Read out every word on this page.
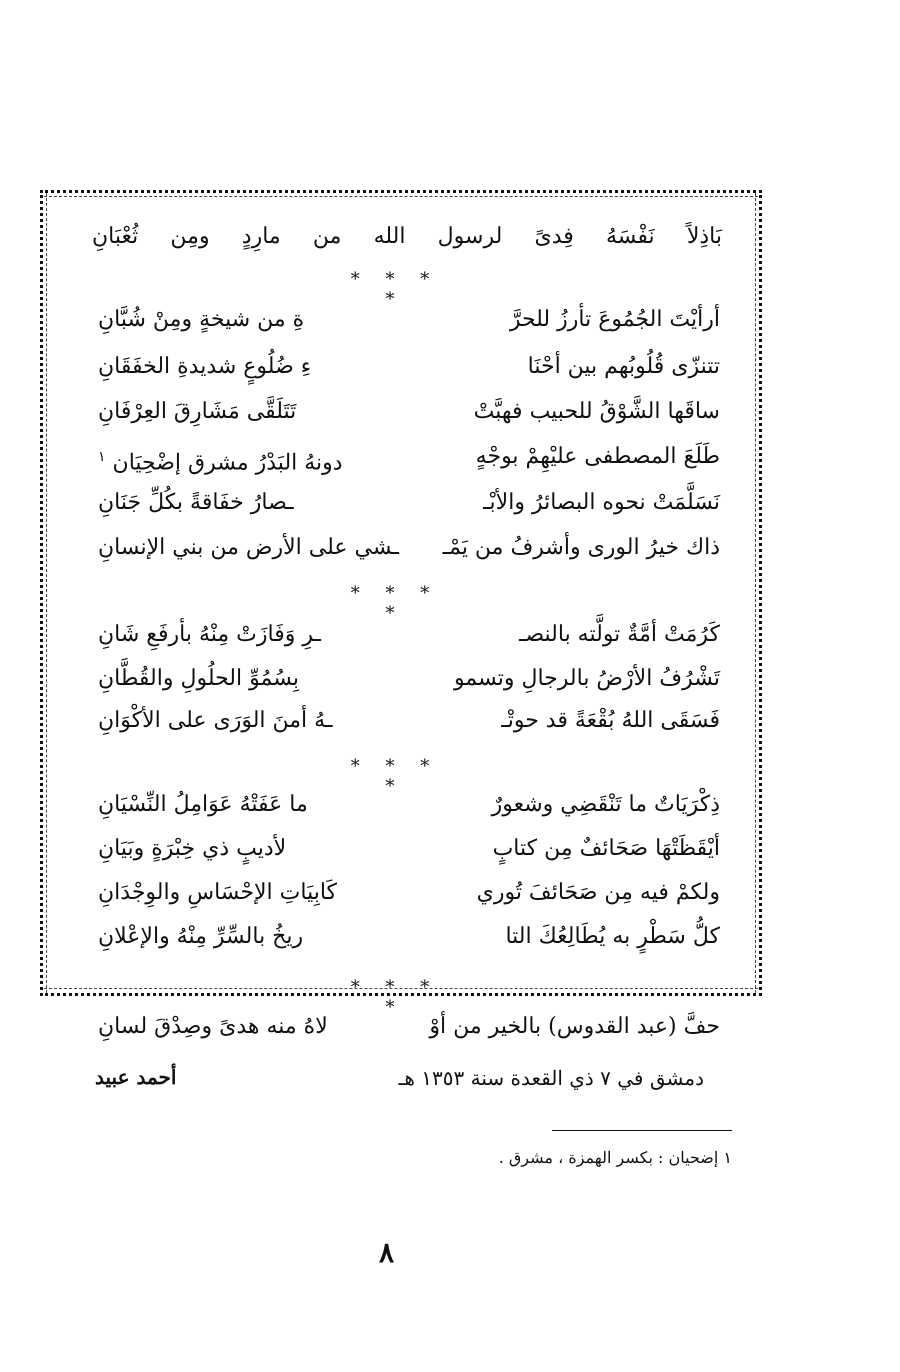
بَاذِلاً نَفْسَهُ فِدىً لرسول الله من مارِدٍ ومِن ثُعْبَانِ
* * * *
أرأيْتَ الجُمُوعَ تأرزُ للحرَّ
ةِ من شيخةٍ ومِنْ شُبَّانِ
تتنزّى قُلُوبُهم بين أحْنَا
ءِ ضُلُوعٍ شديدةِ الخفَقَانِ
ساقَها الشَّوْقُ للحبيب فهبَّتْ
تَتَلَقَّى مَشَارِقَ العِرْفَانِ
طَلَعَ المصطفى عليْهِمْ بوجْهٍ
دونهُ البَدْرُ مشرق إضْحِيَان $^١$
نَسَلَّمَتْ نحوه البصائرُ والأبْـ
ـصارُ خفَاقةً بكُلِّ جَنَانِ
ذاك خيرُ الورى وأشرفُ من يَمْـ
ـشي على الأرض من بني الإنسانِ
* * * *
كَرُمَتْ أمَّةٌ تولَّته بالنصـ
ـرِ وَفَازَتْ مِنْهُ بأرفَعِ شَانِ
تَشْرُفُ الأرْضُ بالرجالِ وتسمو
بِسُمُوِّ الحلُولِ والقُطَّانِ
فَسَقَى اللهُ بُقْعَةً قد حوتْـ
ـهُ أمنَ الوَرَى على الأكْوَانِ
* * * *
ذِكْرَيَاتٌ ما تَنْقَضِي وشعورٌ
ما عَفَتْهُ عَوَامِلُ النِّسْيَانِ
أيْقَظَتْهَا صَحَائفٌ مِن كتابٍ
لأديبٍ ذي خِبْرَةٍ وبَيَانِ
ولكمْ فيه مِن صَحَائفَ تُوري
كَابِيَاتِ الإحْسَاسِ والوِجْدَانِ
كلُّ سَطْرٍ به يُطَالِعُكَ التا
ريخُ بالسِّرِّ مِنْهُ والإعْلانِ
* * * *
حفَّ (عبد القدوس) بالخير من أوْ
لاهُ منه هدىً وصِدْقَ لسانِ
دمشق في ٧ ذي القعدة سنة ١٣٥٣ هـ
أحمد عبيد
١ إضحيان : بكسر الهمزة ، مشرق .
٨
